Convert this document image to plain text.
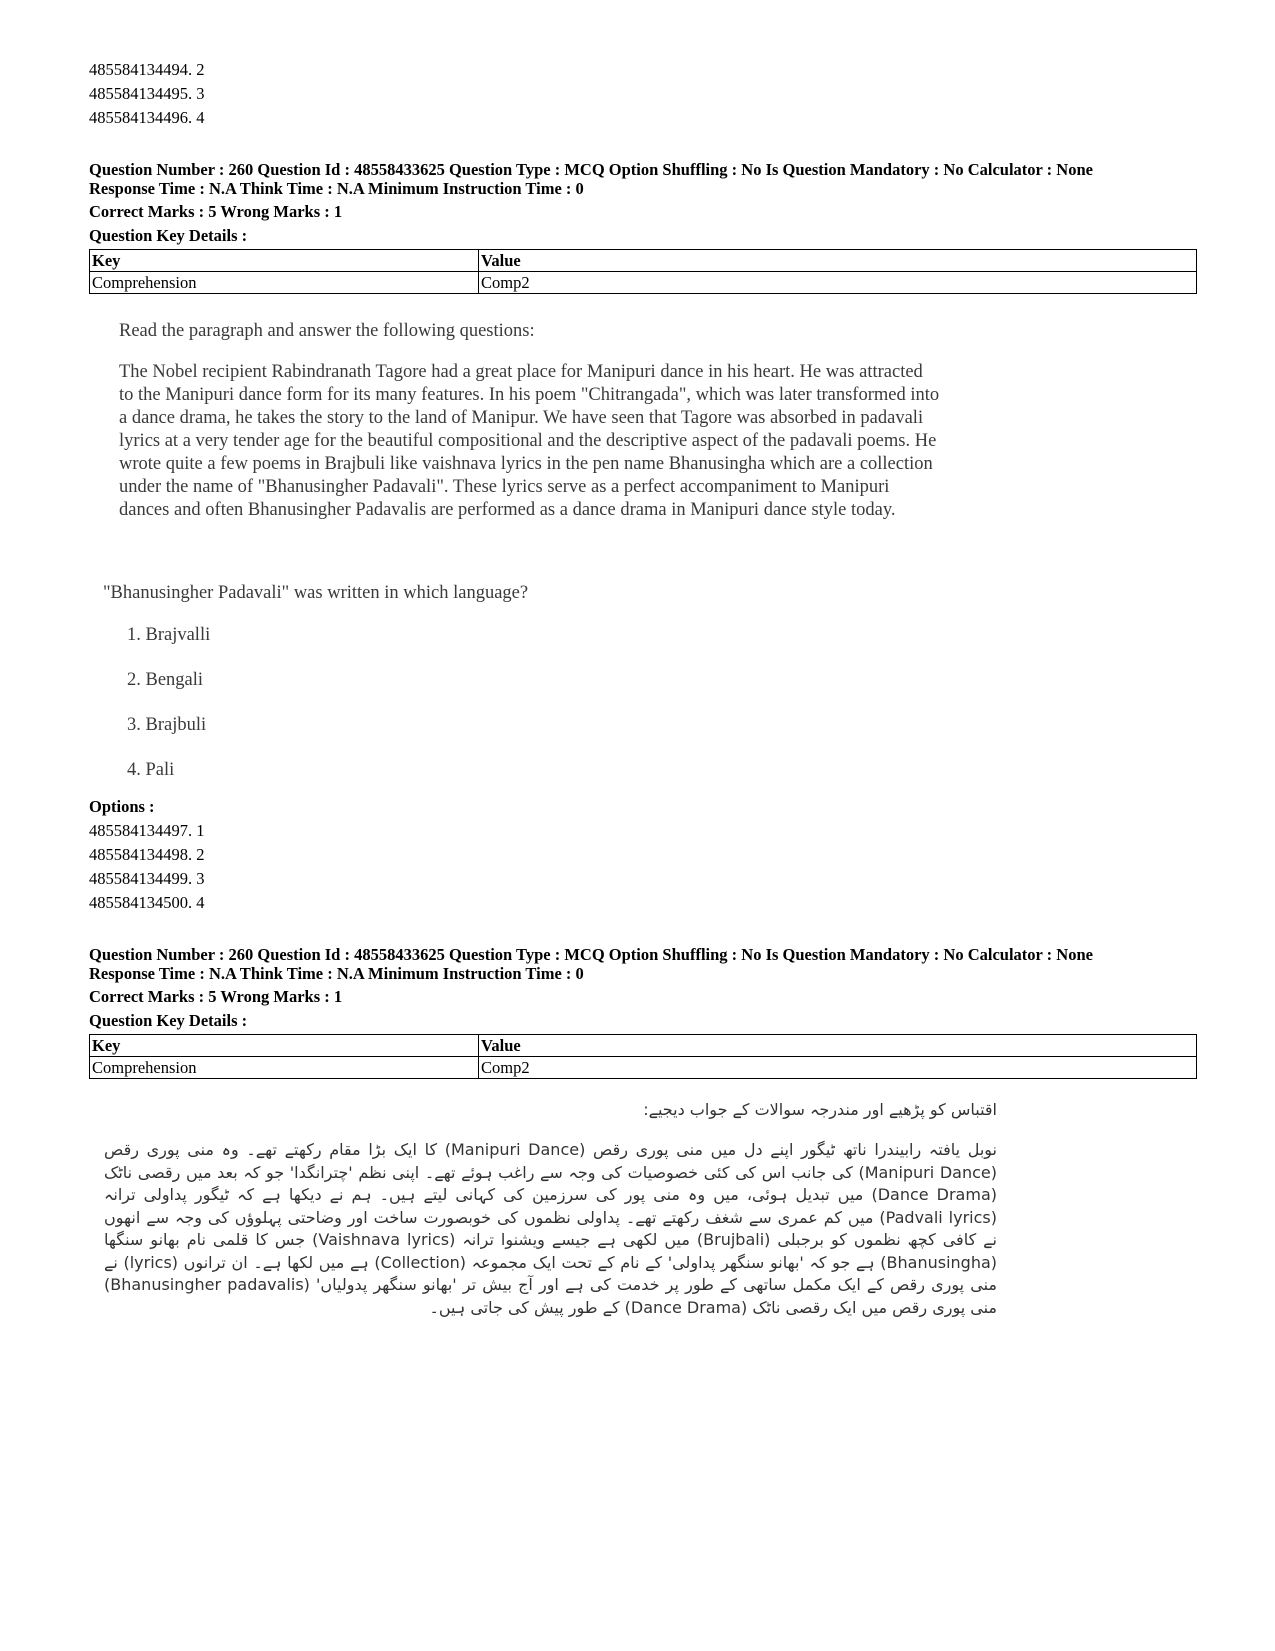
485584134494. 2
485584134495. 3
485584134496. 4
Question Number : 260 Question Id : 48558433625 Question Type : MCQ Option Shuffling : No Is Question Mandatory : No Calculator : None
Response Time : N.A Think Time : N.A Minimum Instruction Time : 0
Correct Marks : 5 Wrong Marks : 1
Question Key Details :
Key	Value
Comprehension	Comp2
Read the paragraph and answer the following questions:
The Nobel recipient Rabindranath Tagore had a great place for Manipuri dance in his heart. He was attracted
to the Manipuri dance form for its many features. In his poem "Chitrangada", which was later transformed into
a dance drama, he takes the story to the land of Manipur. We have seen that Tagore was absorbed in padavali
lyrics at a very tender age for the beautiful compositional and the descriptive aspect of the padavali poems. He
wrote quite a few poems in Brajbuli like vaishnava lyrics in the pen name Bhanusingha which are a collection
under the name of "Bhanusingher Padavali". These lyrics serve as a perfect accompaniment to Manipuri
dances and often Bhanusingher Padavalis are performed as a dance drama in Manipuri dance style today.
"Bhanusingher Padavali" was written in which language?
1. Brajvalli
2. Bengali
3. Brajbuli
4. Pali
Options :
485584134497. 1
485584134498. 2
485584134499. 3
485584134500. 4
Question Number : 260 Question Id : 48558433625 Question Type : MCQ Option Shuffling : No Is Question Mandatory : No Calculator : None
Response Time : N.A Think Time : N.A Minimum Instruction Time : 0
Correct Marks : 5 Wrong Marks : 1
Question Key Details :
Key	Value
Comprehension	Comp2
اقتباس کو پڑھیے اور مندرجہ سوالات کے جواب دیجیے:
نوبل یافتہ رابیندرا ناتھ ٹیگور اپنے دل میں منی پوری رقص (Manipuri Dance) کا ایک بڑا مقام رکھتے تھے۔ وہ منی پوری رقص (Manipuri Dance) کی جانب اس کی کئی خصوصیات کی وجہ سے راغب ہوئے تھے۔ اپنی نظم 'چترانگدا' جو کہ بعد میں رقصی ناٹک (Dance Drama) میں تبدیل ہوئی، میں وہ منی پور کی سرزمین کی کہانی لیتے ہیں۔ ہم نے دیکھا ہے کہ ٹیگور پداولی ترانہ (Padvali lyrics) میں کم عمری سے شغف رکھتے تھے۔ پداولی نظموں کی خوبصورت ساخت اور وضاحتی پہلوؤں کی وجہ سے انھوں نے کافی کچھ نظموں کو برجبلی (Brujbali) میں لکھی ہے جیسے ویشنوا ترانہ (Vaishnava lyrics) جس کا قلمی نام بھانو سنگھا (Bhanusingha) ہے جو کہ 'بھانو سنگھر پداولی' کے نام کے تحت ایک مجموعہ (Collection) ہے میں لکھا ہے۔ ان ترانوں (lyrics) نے منی پوری رقص کے ایک مکمل ساتھی کے طور پر خدمت کی ہے اور آج بیش تر 'بھانو سنگھر پدولیاں' (Bhanusingher padavalis) منی پوری رقص میں ایک رقصی ناٹک (Dance Drama) کے طور پیش کی جاتی ہیں۔
